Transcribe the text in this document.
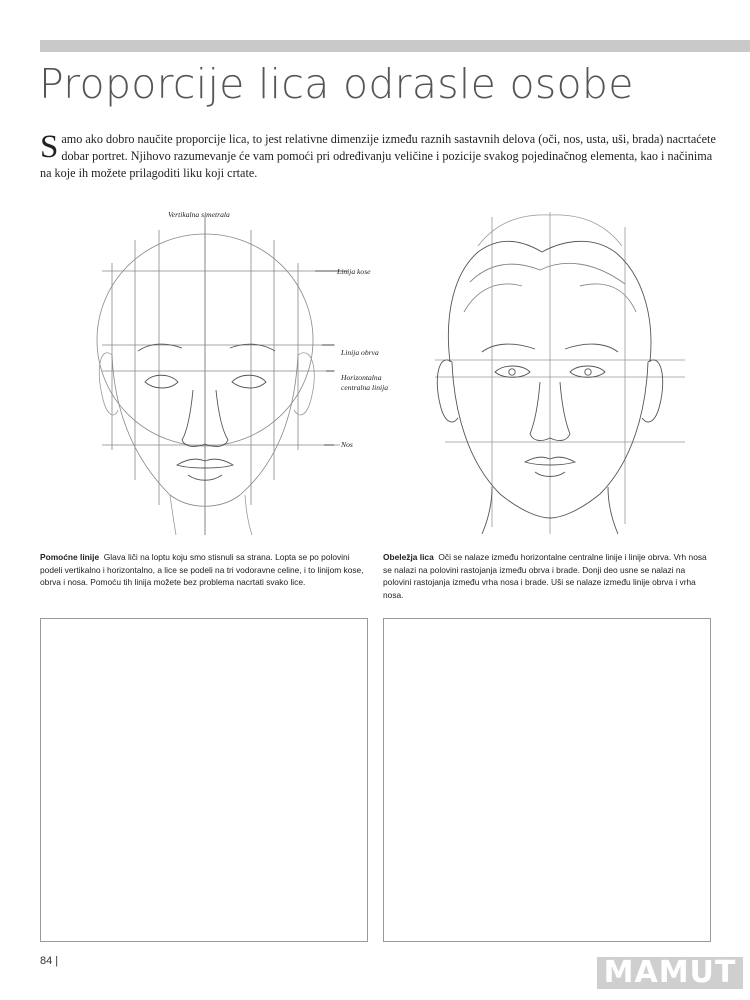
Proporcije lica odrasle osobe

Samo ako dobro naučite proporcije lica, to jest relativne dimenzije između raznih sastavnih delova (oči, nos, usta, uši, brada) nacrtaćete dobar portret. Njihovo razumevanje će vam pomoći pri određivanju veličine i pozicije svakog pojedinačnog elementa, kao i načinima na koje ih možete prilagoditi liku koji crtate.

Vertikalna simetrala
Linija kose
Linija obrva
Horizontalna
centralna linija
Nos

Pomoćne linije Glava liči na loptu koju smo stisnuli sa strana. Lopta se po polovini podeli vertikalno i horizontalno, a lice se podeli na tri vodoravne celine, i to linijom kose, obrva i nosa. Pomoću tih linija možete bez problema nacrtati svako lice.

Obeležja lica Oči se nalaze između horizontalne centralne linije i linije obrva. Vrh nosa se nalazi na polovini rastojanja između obrva i brade. Donji deo usne se nalazi na polovini rastojanja između vrha nosa i brade. Uši se nalaze između linije obrva i vrha nosa.

84 |	MAMUT
